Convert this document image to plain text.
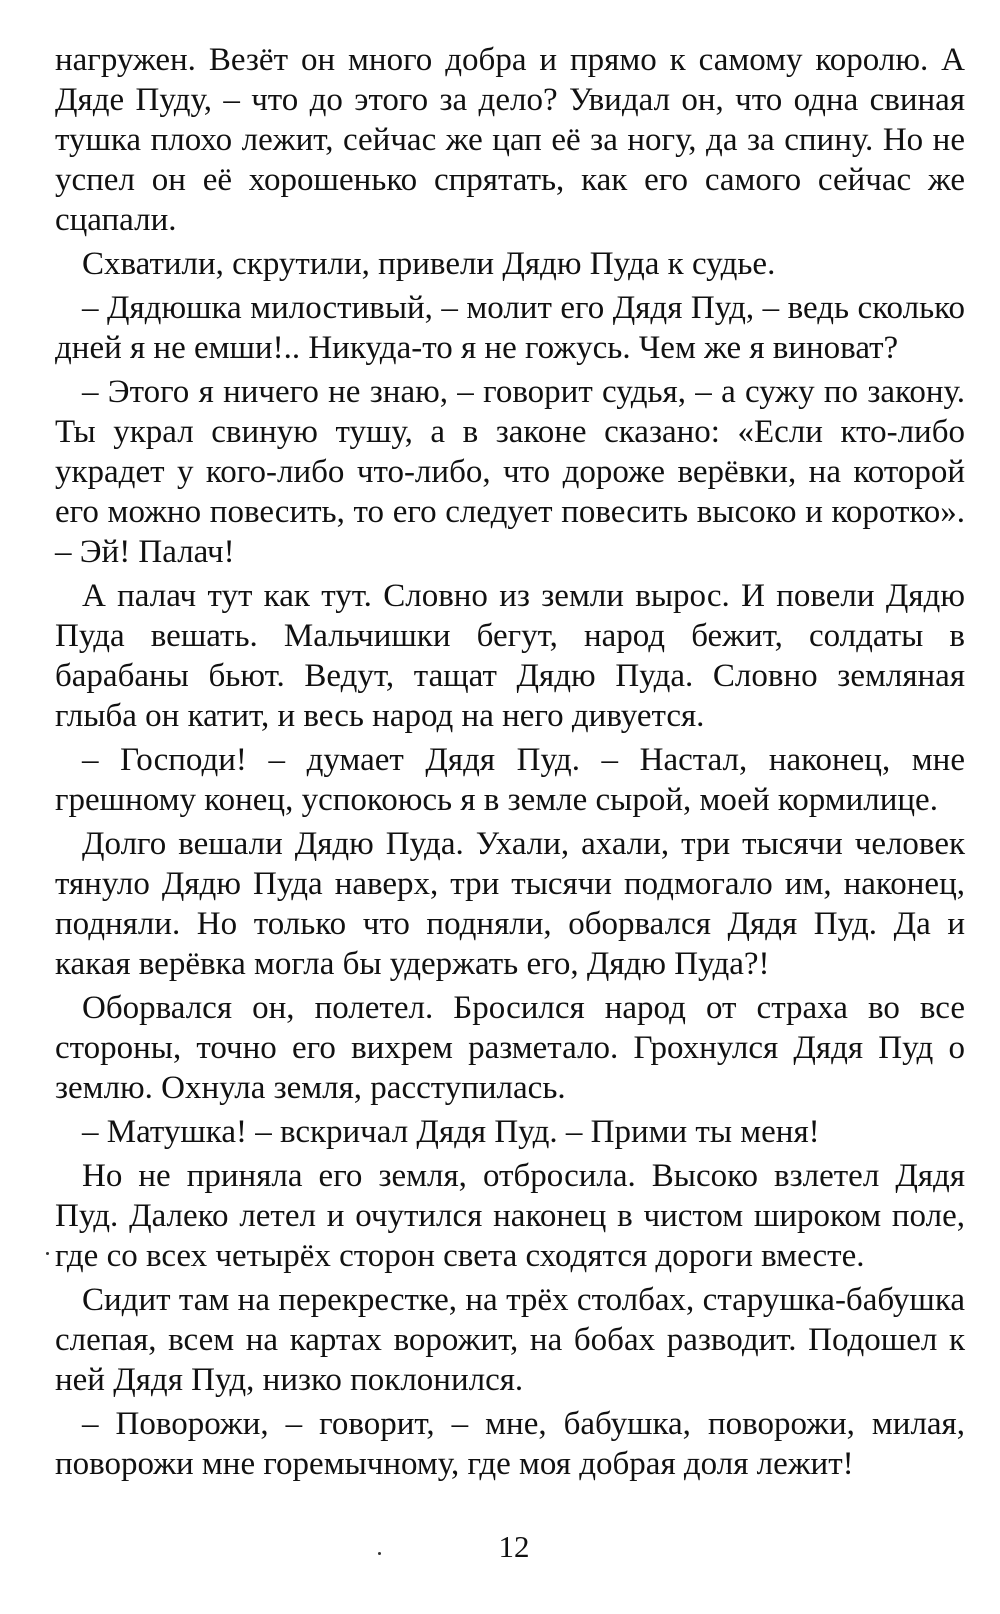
нагружен. Везёт он много добра и прямо к самому королю. А Дяде Пуду, – что до этого за дело? Увидал он, что одна свиная тушка плохо лежит, сейчас же цап её за ногу, да за спину. Но не успел он её хорошенько спрятать, как его самого сейчас же сцапали.

Схватили, скрутили, привели Дядю Пуда к судье.

– Дядюшка милостивый, – молит его Дядя Пуд, – ведь сколько дней я не емши!.. Никуда-то я не гожусь. Чем же я виноват?

– Этого я ничего не знаю, – говорит судья, – а сужу по закону. Ты украл свиную тушу, а в законе сказано: «Если кто-либо украдет у кого-либо что-либо, что дороже верёвки, на которой его можно повесить, то его следует повесить высоко и коротко». – Эй! Палач!

А палач тут как тут. Словно из земли вырос. И повели Дядю Пуда вешать. Мальчишки бегут, народ бежит, солдаты в барабаны бьют. Ведут, тащат Дядю Пуда. Словно земляная глыба он катит, и весь народ на него дивуется.

– Господи! – думает Дядя Пуд. – Настал, наконец, мне грешному конец, успокоюсь я в земле сырой, моей кормилице.

Долго вешали Дядю Пуда. Ухали, ахали, три тысячи человек тянуло Дядю Пуда наверх, три тысячи подмогало им, наконец, подняли. Но только что подняли, оборвался Дядя Пуд. Да и какая верёвка могла бы удержать его, Дядю Пуда?!

Оборвался он, полетел. Бросился народ от страха во все стороны, точно его вихрем разметало. Грохнулся Дядя Пуд о землю. Охнула земля, расступилась.

– Матушка! – вскричал Дядя Пуд. – Прими ты меня!

Но не приняла его земля, отбросила. Высоко взлетел Дядя Пуд. Далеко летел и очутился наконец в чистом широком поле, где со всех четырёх сторон света сходятся дороги вместе.

Сидит там на перекрестке, на трёх столбах, старушка-бабушка слепая, всем на картах ворожит, на бобах разводит. Подошел к ней Дядя Пуд, низко поклонился.

– Поворожи, – говорит, – мне, бабушка, поворожи, милая, поворожи мне горемычному, где моя добрая доля лежит!

12
